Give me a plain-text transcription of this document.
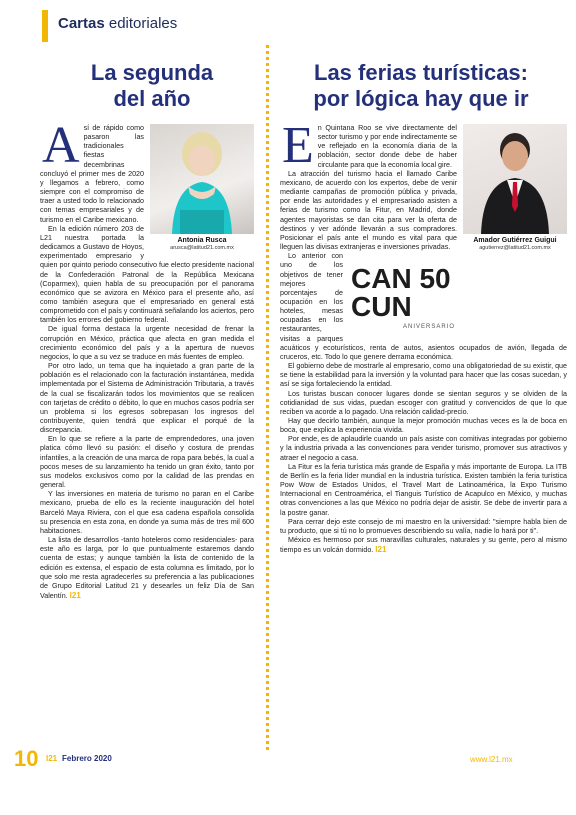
Cartas editoriales
La segunda
del año
Las ferias turísticas:
por lógica hay que ir
Antonia Rusca
arusca@latitud21.com.mx
A sí de rápido como pasaron las tradicionales fiestas decembrinas concluyó el primer mes de 2020 y llegamos a febrero, como siempre con el compromiso de traer a usted todo lo relacionado con temas empresariales y de turismo en el Caribe mexicano.

En la edición número 203 de L21 nuestra portada la dedicamos a Gustavo de Hoyos, experimentado empresario y quien por quinto periodo consecutivo fue electo presidente nacional de la Confederación Patronal de la República Mexicana (Coparmex), quien habla de su preocupación por el panorama económico que se avizora en México para el presente año, así como también asegura que el empresariado en general está comprometido con el país y continuará señalando los aciertos, pero también los errores del gobierno federal.

De igual forma destaca la urgente necesidad de frenar la corrupción en México, práctica que afecta en gran medida el crecimiento económico del país y a la apertura de nuevos negocios, lo que a su vez se traduce en más fuentes de empleo.

Por otro lado, un tema que ha inquietado a gran parte de la población es el relacionado con la facturación instantánea, medida implementada por el Sistema de Administración Tributaria, a través de la cual se fiscalizarán todos los movimientos que se realicen con tarjetas de crédito o débito, lo que en muchos casos podría ser un problema si los egresos sobrepasan los ingresos del contribuyente, quien tendrá que explicar el porqué de la discrepancia.

En lo que se refiere a la parte de emprendedores, una joven platica cómo llevó su pasión: el diseño y costura de prendas infantiles, a la creación de una marca de ropa para bebés, la cual a pocos meses de su lanzamiento ha tenido un gran éxito, tanto por sus modelos exclusivos como por la calidad de las prendas en general.

Y las inversiones en materia de turismo no paran en el Caribe mexicano, prueba de ello es la reciente inauguración del hotel Barceló Maya Riviera, con el que esa cadena española consolida su presencia en esta zona, en donde ya suma más de tres mil 600 habitaciones.

La lista de desarrollos -tanto hoteleros como residenciales- para este año es larga, por lo que puntualmente estaremos dando cuenta de estas; y aunque también la lista de contenido de la edición es extensa, el espacio de esta columna es limitado, por lo que solo me resta agradecerles su preferencia a las publicaciones de Grupo Editorial Latitud 21 y desearles un feliz Día de San Valentín. l21

Amador Gutiérrez Guigui
agutierrez@latitud21.com.mx
E n Quintana Roo se vive directamente del sector turismo y por ende indirectamente se ve reflejado en la economía diaria de la población, sector donde debe de haber circulante para que la economía local gire.

La atracción del turismo hacia el llamado Caribe mexicano, de acuerdo con los expertos, debe de venir mediante campañas de promoción pública y privada, por ende las autoridades y el empresariado asisten a ferias de turismo como la Fitur, en Madrid, donde agentes mayoristas se dan cita para ver la oferta de destinos y ver adónde llevarán a sus compradores. Posicionar el país ante el mundo es vital para que lleguen las divisas extranjeras e inversiones privadas.

CAN 50
CUN
ANIVERSARIO

Lo anterior con uno de los objetivos de tener mejores porcentajes de ocupación en los hoteles, mesas ocupadas en los restaurantes, visitas a parques acuáticos y ecoturísticos, renta de autos, asientos ocupados de avión, llegada de cruceros, etc. Todo lo que genere derrama económica.

El gobierno debe de mostrarle al empresario, como una obligatoriedad de su existir, que se tiene la estabilidad para la inversión y la voluntad para hacer que las cosas sucedan, y así se siga fortaleciendo la entidad.

Los turistas buscan conocer lugares donde se sientan seguros y se olviden de la cotidianidad de sus vidas, puedan escoger con gratitud y convencidos de que lo que reciben va acorde a lo pagado. Una relación calidad-precio.

Hay que decirlo también, aunque la mejor promoción muchas veces es la de boca en boca, que explica la experiencia vivida.

Por ende, es de aplaudirle cuando un país asiste con comitivas integradas por gobierno y la industria privada a las convenciones para vender turismo, promover sus atractivos y atraer el negocio a casa.

La Fitur es la feria turística más grande de España y más importante de Europa. La ITB de Berlín es la feria líder mundial en la industria turística. Existen también la feria turística Pow Wow de Estados Unidos, el Travel Mart de Latinoamérica, la Expo Turismo Internacional en Centroamérica, el Tianguis Turístico de Acapulco en México, y muchas otras convenciones a las que México no podría dejar de asistir. Se debe de invertir para a la postre ganar.

Para cerrar dejo este consejo de mi maestro en la universidad: "siempre habla bien de tu producto, que si tú no lo promueves describiendo su valía, nadie lo hará por ti".

México es hermoso por sus maravillas culturales, naturales y su gente, pero al mismo tiempo es un volcán dormido. l21

10 l21 Febrero 2020	www.l21.mx
